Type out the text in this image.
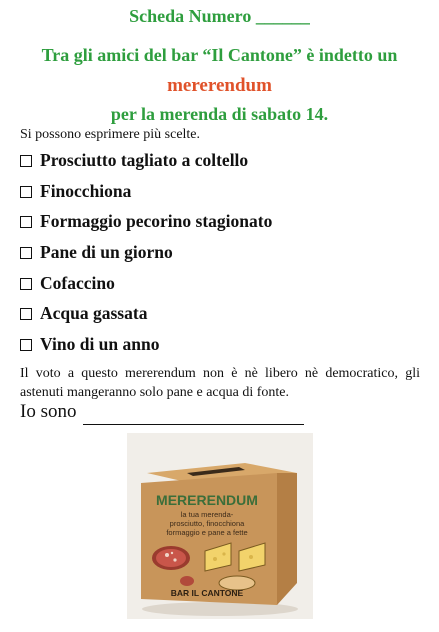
Scheda Numero ______
Tra gli amici del bar “Il Cantone” è indetto un
mererendum
per la merenda di sabato 14.
Si possono esprimere più scelte.
Prosciutto tagliato a coltello
Finocchiona
Formaggio pecorino stagionato
Pane di un giorno
Cofaccino
Acqua gassata
Vino di un anno
Il voto a questo mererendum non è nè libero nè democratico, gli astenuti mangeranno solo pane e acqua di fonte.
Io sono
MERERENDUM
la tua merenda-
prosciutto, finocchiona
formaggio e pane a fette
BAR IL CANTONE
